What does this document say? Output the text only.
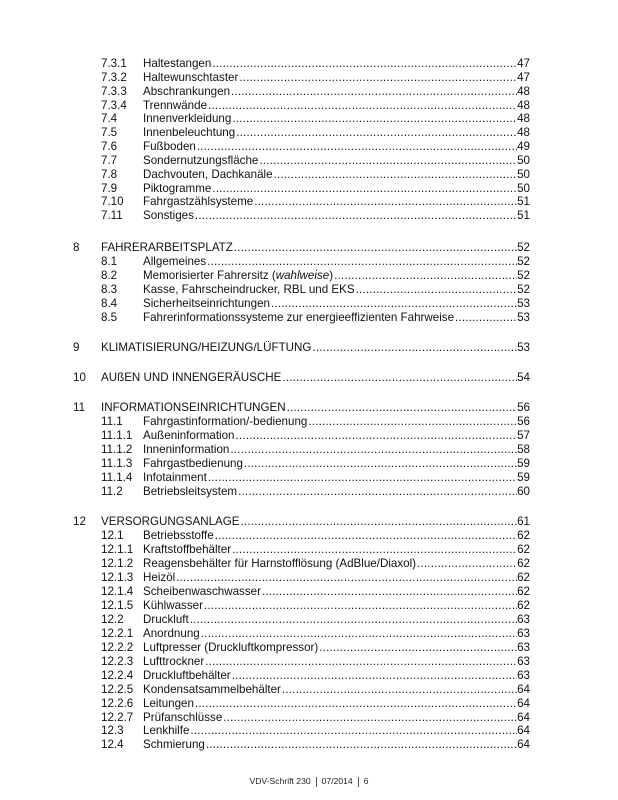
7.3.1 Haltestangen .....	47
7.3.2 Haltewunschtaster .....	47
7.3.3 Abschrankungen .....	48
7.3.4 Trennwände .....	48
7.4 Innenverkleidung .....	48
7.5 Innenbeleuchtung .....	48
7.6 Fußboden .....	49
7.7 Sondernutzungsfläche .....	50
7.8 Dachvouten, Dachkanäle .....	50
7.9 Piktogramme .....	50
7.10 Fahrgastzählsysteme .....	51
7.11 Sonstiges .....	51
8 FAHRERARBEITSPLATZ .....	52
8.1 Allgemeines .....	52
8.2 Memorisierter Fahrersitz (wahlweise) .....	52
8.3 Kasse, Fahrscheindrucker, RBL und EKS .....	52
8.4 Sicherheitseinrichtungen .....	53
8.5 Fahrerinformationssysteme zur energieeffizienten Fahrweise .....	53
9 KLIMATISIERUNG/HEIZUNG/LÜFTUNG .....	53
10 AUßEN UND INNENGERÄUSCHE .....	54
11 INFORMATIONSEINRICHTUNGEN .....	56
11.1 Fahrgastinformation/-bedienung .....	56
11.1.1 Außeninformation .....	57
11.1.2 Inneninformation .....	58
11.1.3 Fahrgastbedienung .....	59
11.1.4 Infotainment .....	59
11.2 Betriebsleitsystem .....	60
12 VERSORGUNGSANLAGE .....	61
12.1 Betriebsstoffe .....	62
12.1.1 Kraftstoffbehälter .....	62
12.1.2 Reagensbehälter für Harnstofflösung (AdBlue/Diaxol) .....	62
12.1.3 Heizöl .....	62
12.1.4 Scheibenwaschwasser .....	62
12.1.5 Kühlwasser .....	62
12.2 Druckluft .....	63
12.2.1 Anordnung .....	63
12.2.2 Luftpresser (Druckluftkompressor) .....	63
12.2.3 Lufttrockner .....	63
12.2.4 Druckluftbehälter .....	63
12.2.5 Kondensatsammelbehälter .....	64
12.2.6 Leitungen .....	64
12.2.7 Prüfanschlüsse .....	64
12.3 Lenkhilfe .....	64
12.4 Schmierung .....	64
VDV-Schrift 230 07/2014 6
